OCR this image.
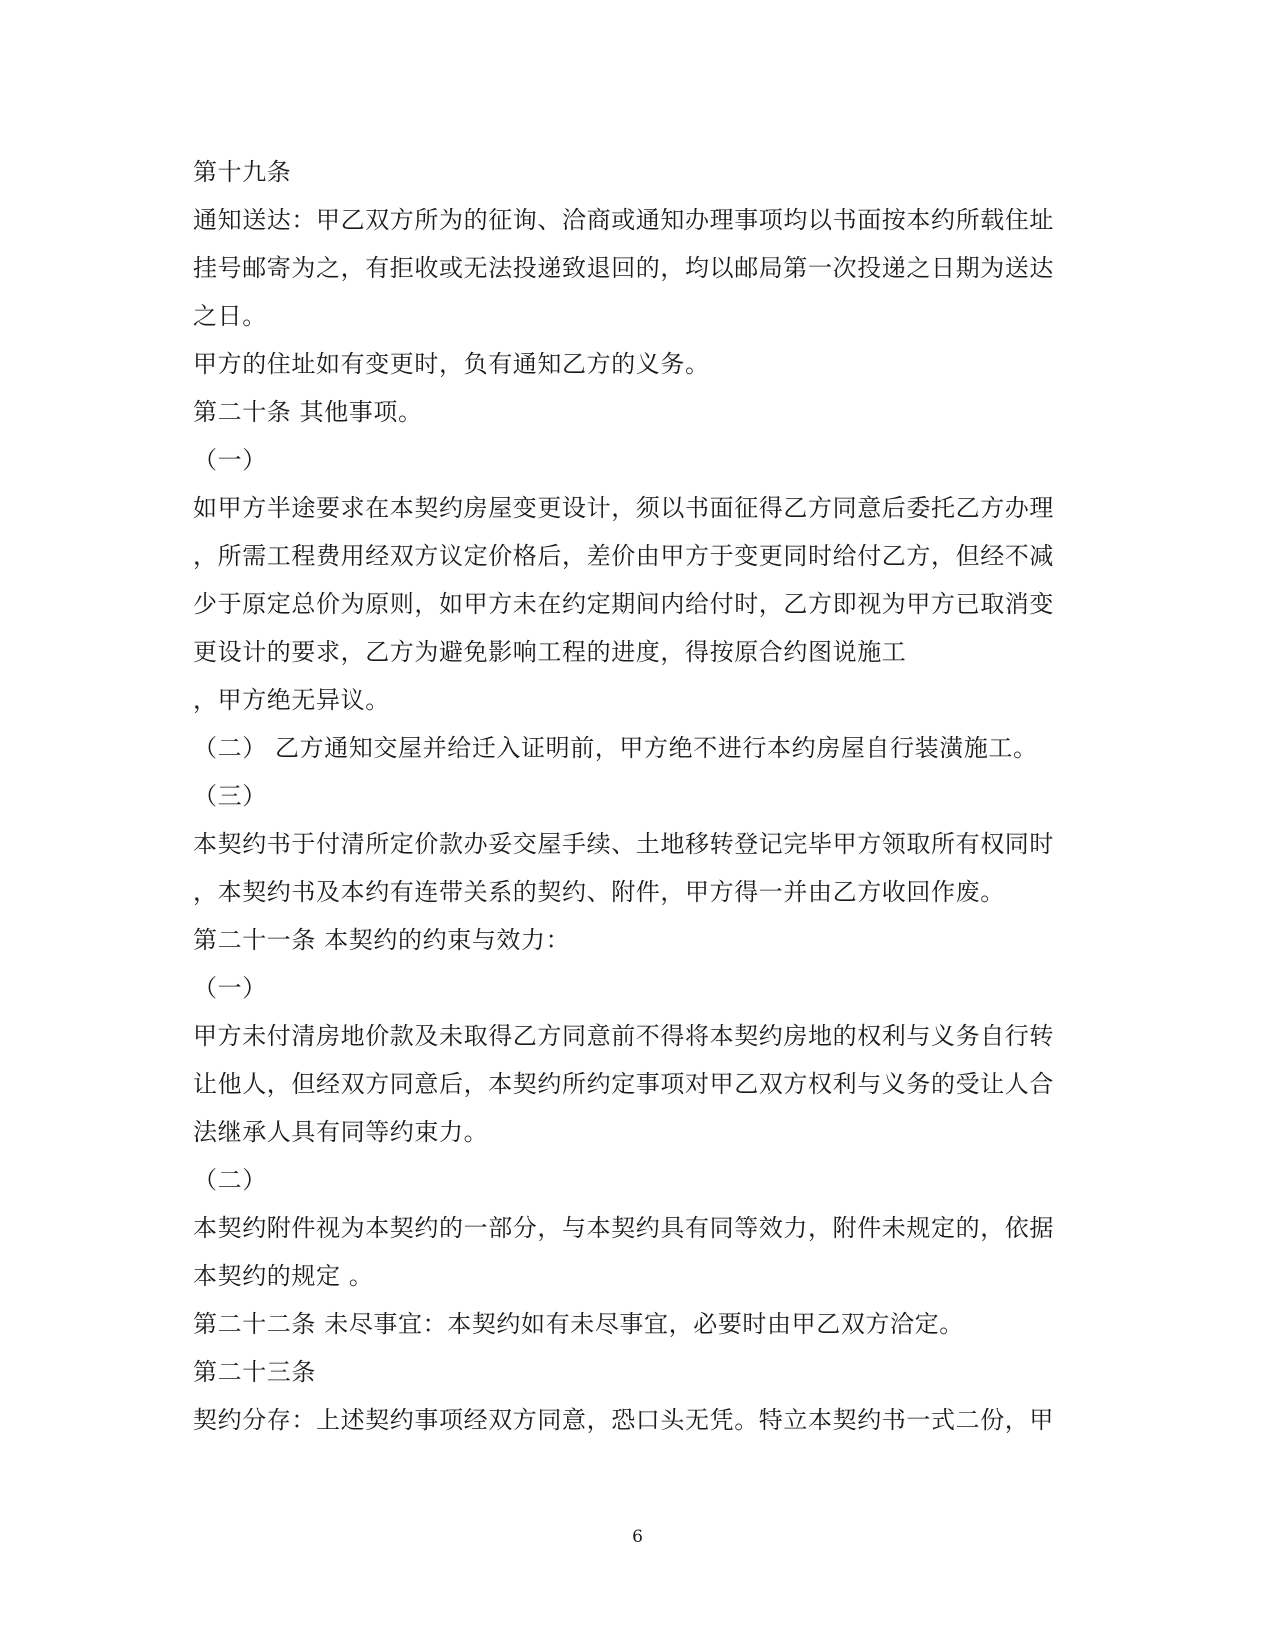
第十九条
通知送达：甲乙双方所为的征询、洽商或通知办理事项均以书面按本约所载住址
挂号邮寄为之，有拒收或无法投递致退回的，均以邮局第一次投递之日期为送达
之日。
甲方的住址如有变更时，负有通知乙方的义务。
第二十条 其他事项。
（一）
如甲方半途要求在本契约房屋变更设计，须以书面征得乙方同意后委托乙方办理
，所需工程费用经双方议定价格后，差价由甲方于变更同时给付乙方，但经不减
少于原定总价为原则，如甲方未在约定期间内给付时，乙方即视为甲方已取消变
更设计的要求，乙方为避免影响工程的进度，得按原合约图说施工
，甲方绝无异议。
（二） 乙方通知交屋并给迁入证明前，甲方绝不进行本约房屋自行装潢施工。
（三）
本契约书于付清所定价款办妥交屋手续、土地移转登记完毕甲方领取所有权同时
，本契约书及本约有连带关系的契约、附件，甲方得一并由乙方收回作废。
第二十一条 本契约的约束与效力：
（一）
甲方未付清房地价款及未取得乙方同意前不得将本契约房地的权利与义务自行转
让他人，但经双方同意后，本契约所约定事项对甲乙双方权利与义务的受让人合
法继承人具有同等约束力。
（二）
本契约附件视为本契约的一部分，与本契约具有同等效力，附件未规定的，依据
本契约的规定 。
第二十二条 未尽事宜：本契约如有未尽事宜，必要时由甲乙双方洽定。
第二十三条
契约分存：上述契约事项经双方同意，恐口头无凭。特立本契约书一式二份，甲
6
